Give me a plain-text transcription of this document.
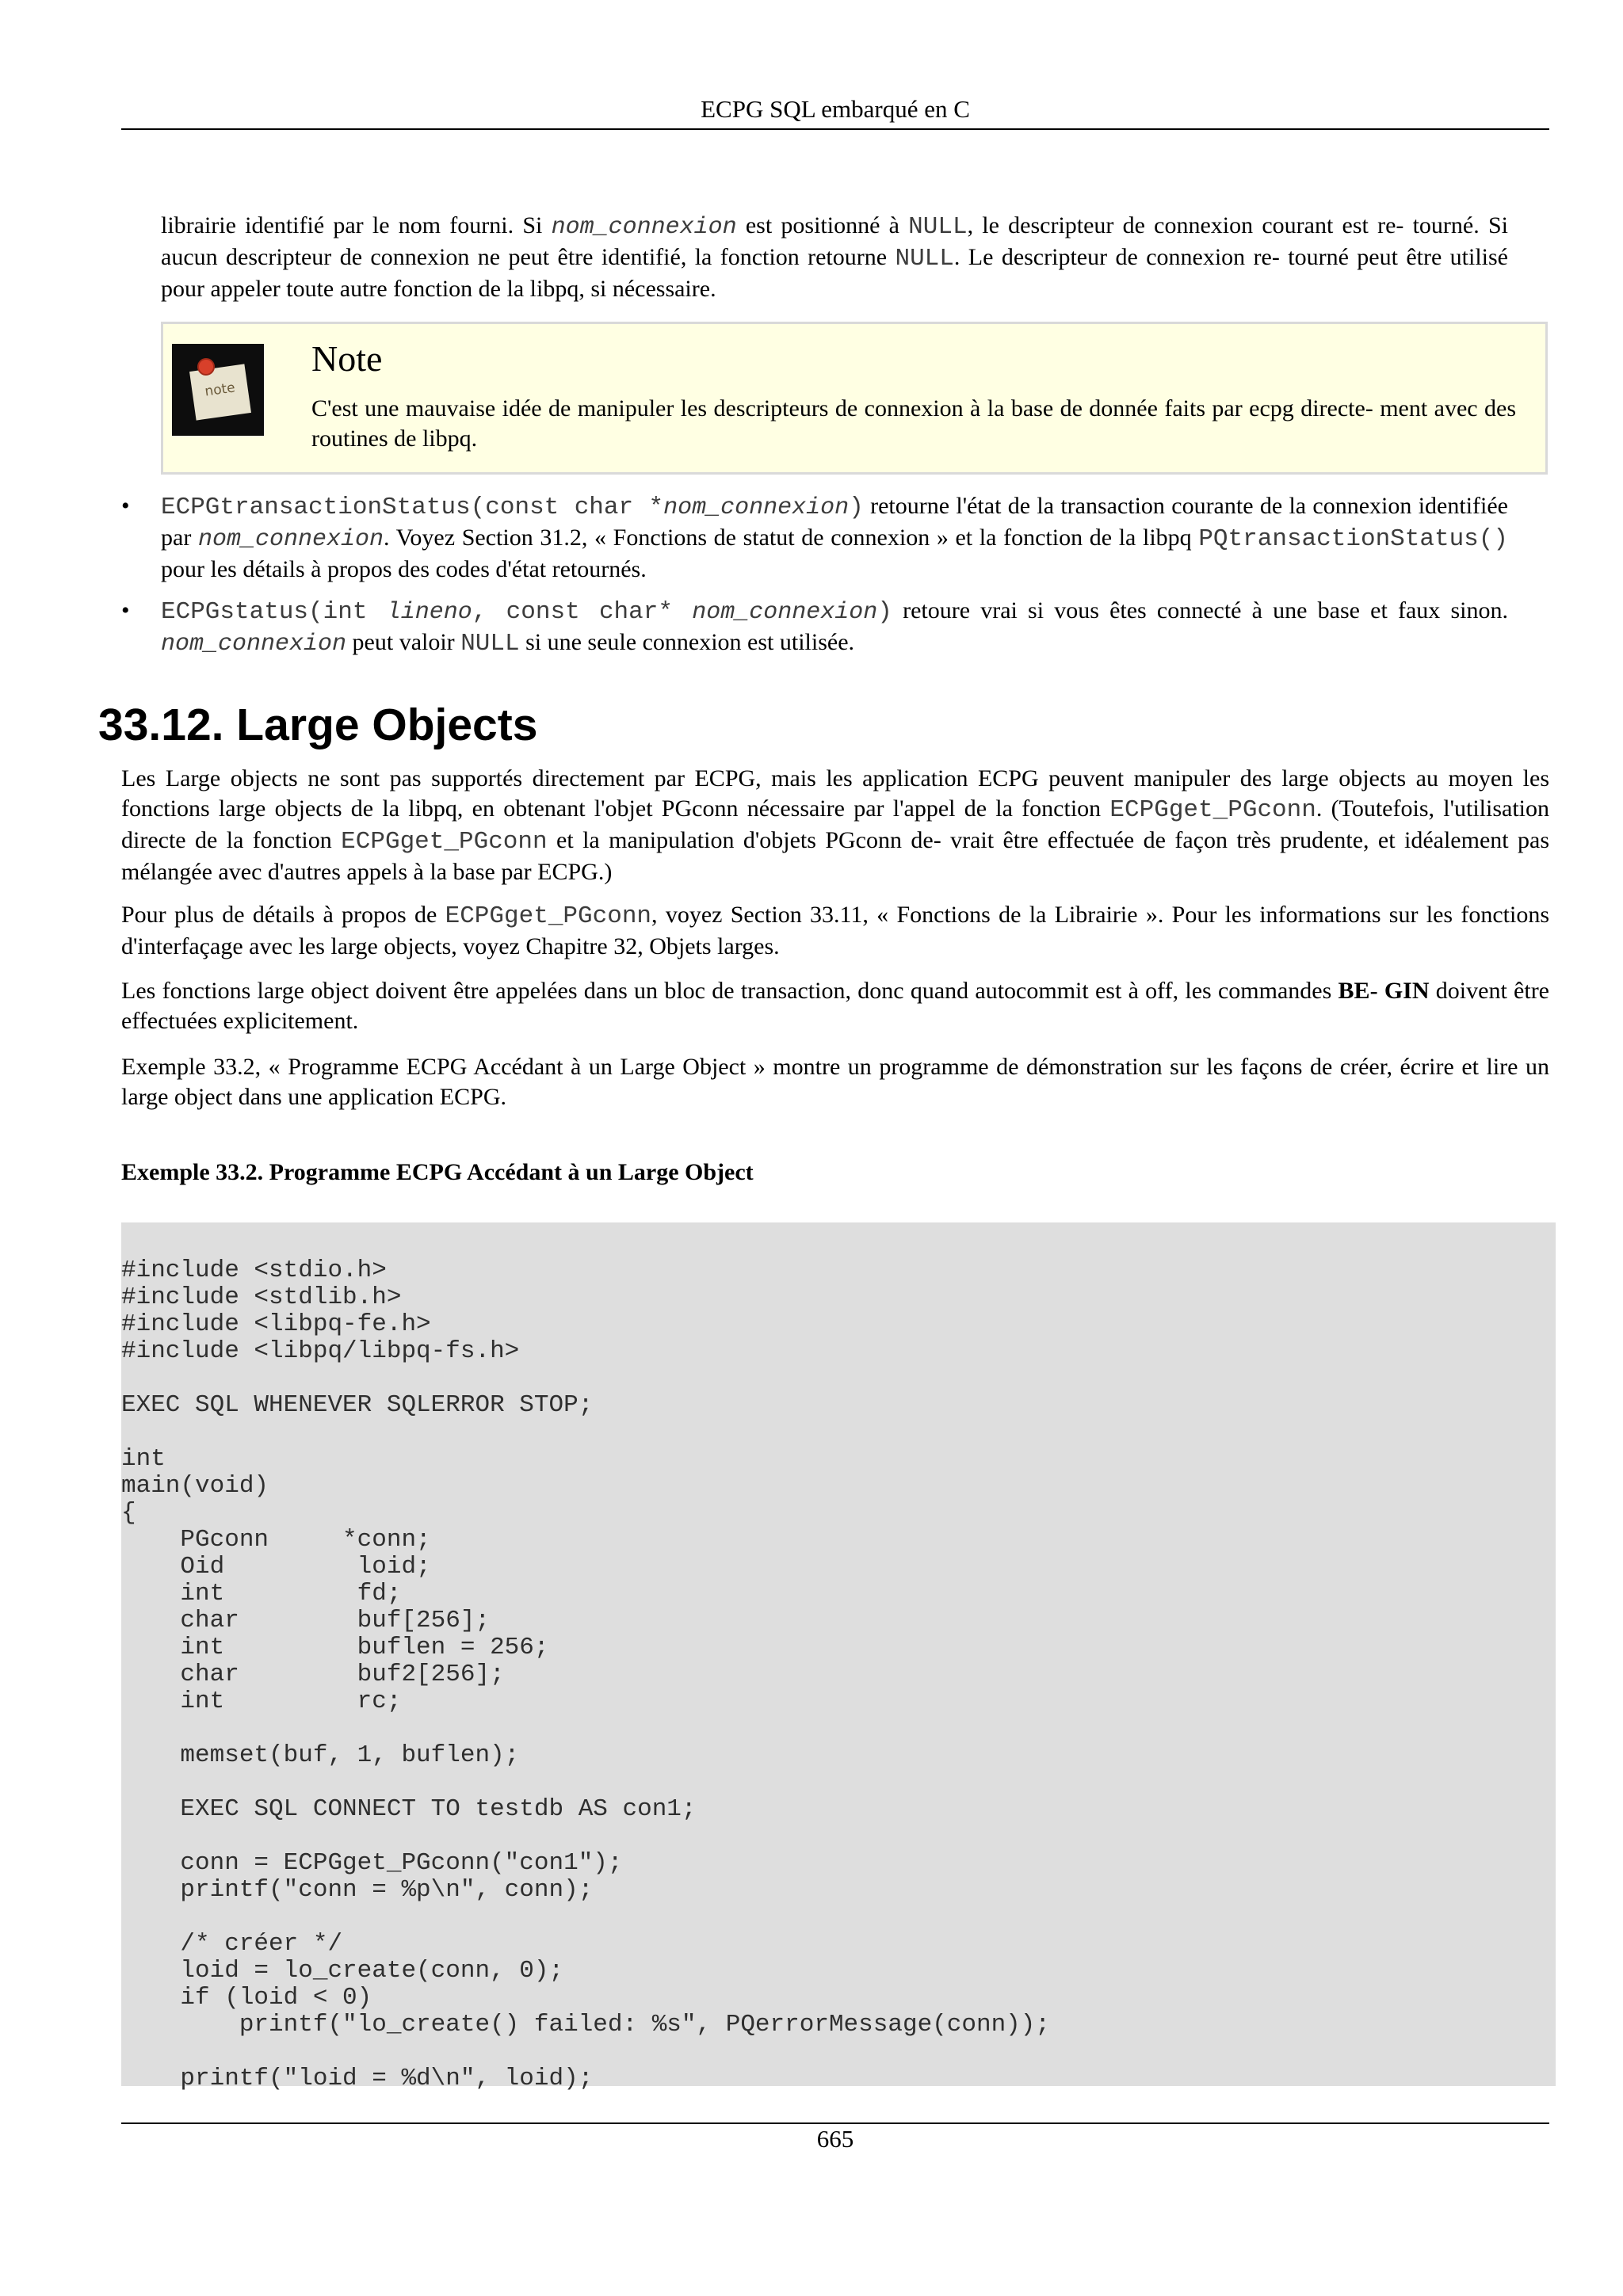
ECPG SQL embarqué en C
librairie identifié par le nom fourni. Si nom_connexion est positionné à NULL, le descripteur de connexion courant est re- tourné. Si aucun descripteur de connexion ne peut être identifié, la fonction retourne NULL. Le descripteur de connexion re- tourné peut être utilisé pour appeler toute autre fonction de la libpq, si nécessaire.
note
Note
C'est une mauvaise idée de manipuler les descripteurs de connexion à la base de donnée faits par ecpg directe- ment avec des routines de libpq.
• ECPGtransactionStatus(const char *nom_connexion) retourne l'état de la transaction courante de la connexion identifiée par nom_connexion. Voyez Section 31.2, « Fonctions de statut de connexion » et la fonction de la libpq PQtransactionStatus() pour les détails à propos des codes d'état retournés.
• ECPGstatus(int lineno, const char* nom_connexion) retoure vrai si vous êtes connecté à une base et faux sinon. nom_connexion peut valoir NULL si une seule connexion est utilisée.
33.12. Large Objects
Les Large objects ne sont pas supportés directement par ECPG, mais les application ECPG peuvent manipuler des large objects au moyen les fonctions large objects de la libpq, en obtenant l'objet PGconn nécessaire par l'appel de la fonction ECPGget_PGconn. (Toutefois, l'utilisation directe de la fonction ECPGget_PGconn et la manipulation d'objets PGconn de- vrait être effectuée de façon très prudente, et idéalement pas mélangée avec d'autres appels à la base par ECPG.)
Pour plus de détails à propos de ECPGget_PGconn, voyez Section 33.11, « Fonctions de la Librairie ». Pour les informations sur les fonctions d'interfaçage avec les large objects, voyez Chapitre 32, Objets larges.
Les fonctions large object doivent être appelées dans un bloc de transaction, donc quand autocommit est à off, les commandes BE- GIN doivent être effectuées explicitement.
Exemple 33.2, « Programme ECPG Accédant à un Large Object » montre un programme de démonstration sur les façons de créer, écrire et lire un large object dans une application ECPG.
Exemple 33.2. Programme ECPG Accédant à un Large Object
#include <stdio.h>
#include <stdlib.h>
#include <libpq-fe.h>
#include <libpq/libpq-fs.h>

EXEC SQL WHENEVER SQLERROR STOP;

int
main(void)
{
PGconn     *conn;
Oid         loid;
int         fd;
char        buf[256];
int         buflen = 256;
char        buf2[256];
int         rc;

memset(buf, 1, buflen);

EXEC SQL CONNECT TO testdb AS con1;

conn = ECPGget_PGconn("con1");
printf("conn = %p\n", conn);

/* créer */
loid = lo_create(conn, 0);
if (loid < 0)
printf("lo_create() failed: %s", PQerrorMessage(conn));

printf("loid = %d\n", loid);
665
